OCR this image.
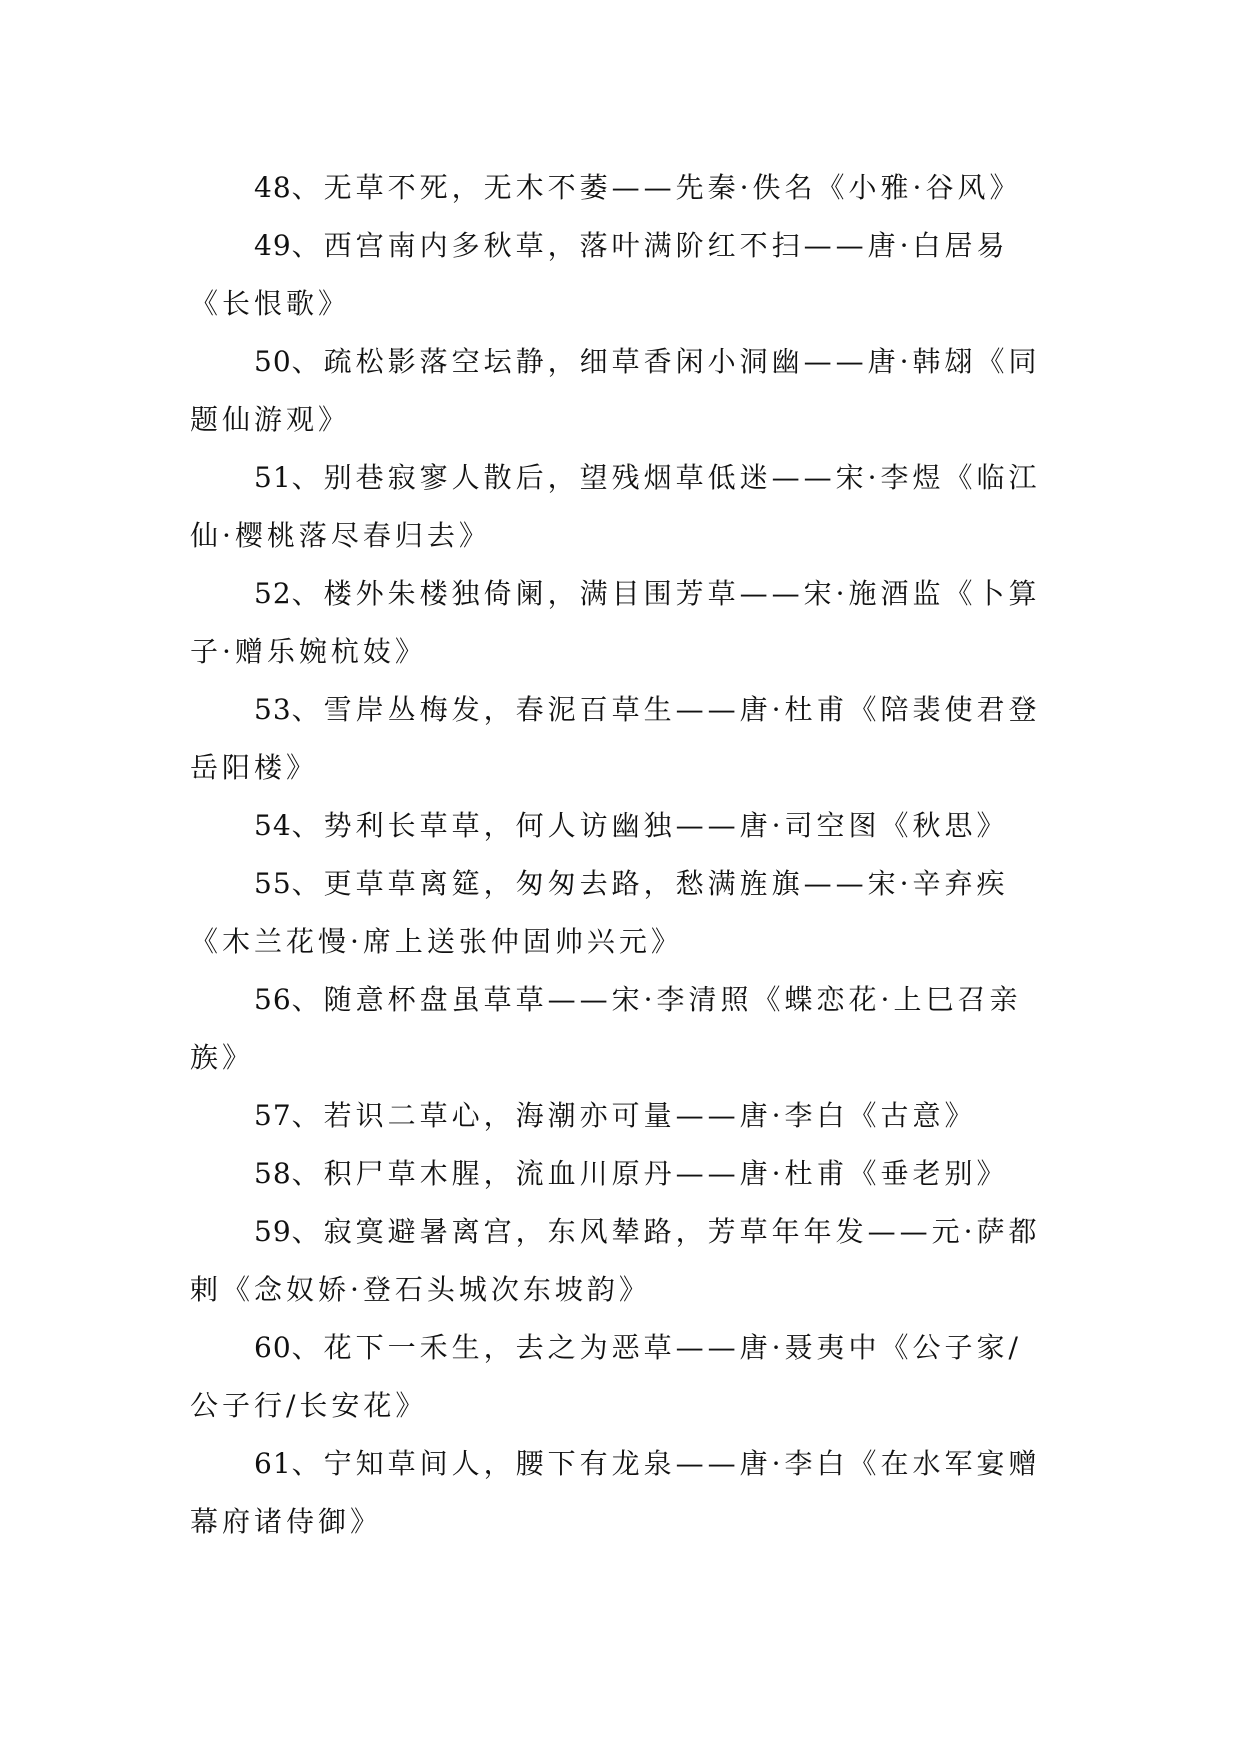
48、无草不死，无木不萎——先秦·佚名《小雅·谷风》

49、西宫南内多秋草，落叶满阶红不扫——唐·白居易《长恨歌》

50、疏松影落空坛静，细草香闲小洞幽——唐·韩翃《同题仙游观》

51、别巷寂寥人散后，望残烟草低迷——宋·李煜《临江仙·樱桃落尽春归去》

52、楼外朱楼独倚阑，满目围芳草——宋·施酒监《卜算子·赠乐婉杭妓》

53、雪岸丛梅发，春泥百草生——唐·杜甫《陪裴使君登岳阳楼》

54、势利长草草，何人访幽独——唐·司空图《秋思》

55、更草草离筵，匆匆去路，愁满旌旗——宋·辛弃疾《木兰花慢·席上送张仲固帅兴元》

56、随意杯盘虽草草——宋·李清照《蝶恋花·上巳召亲族》

57、若识二草心，海潮亦可量——唐·李白《古意》

58、积尸草木腥，流血川原丹——唐·杜甫《垂老别》

59、寂寞避暑离宫，东风辇路，芳草年年发——元·萨都剌《念奴娇·登石头城次东坡韵》

60、花下一禾生，去之为恶草——唐·聂夷中《公子家/公子行/长安花》

61、宁知草间人，腰下有龙泉——唐·李白《在水军宴赠幕府诸侍御》
